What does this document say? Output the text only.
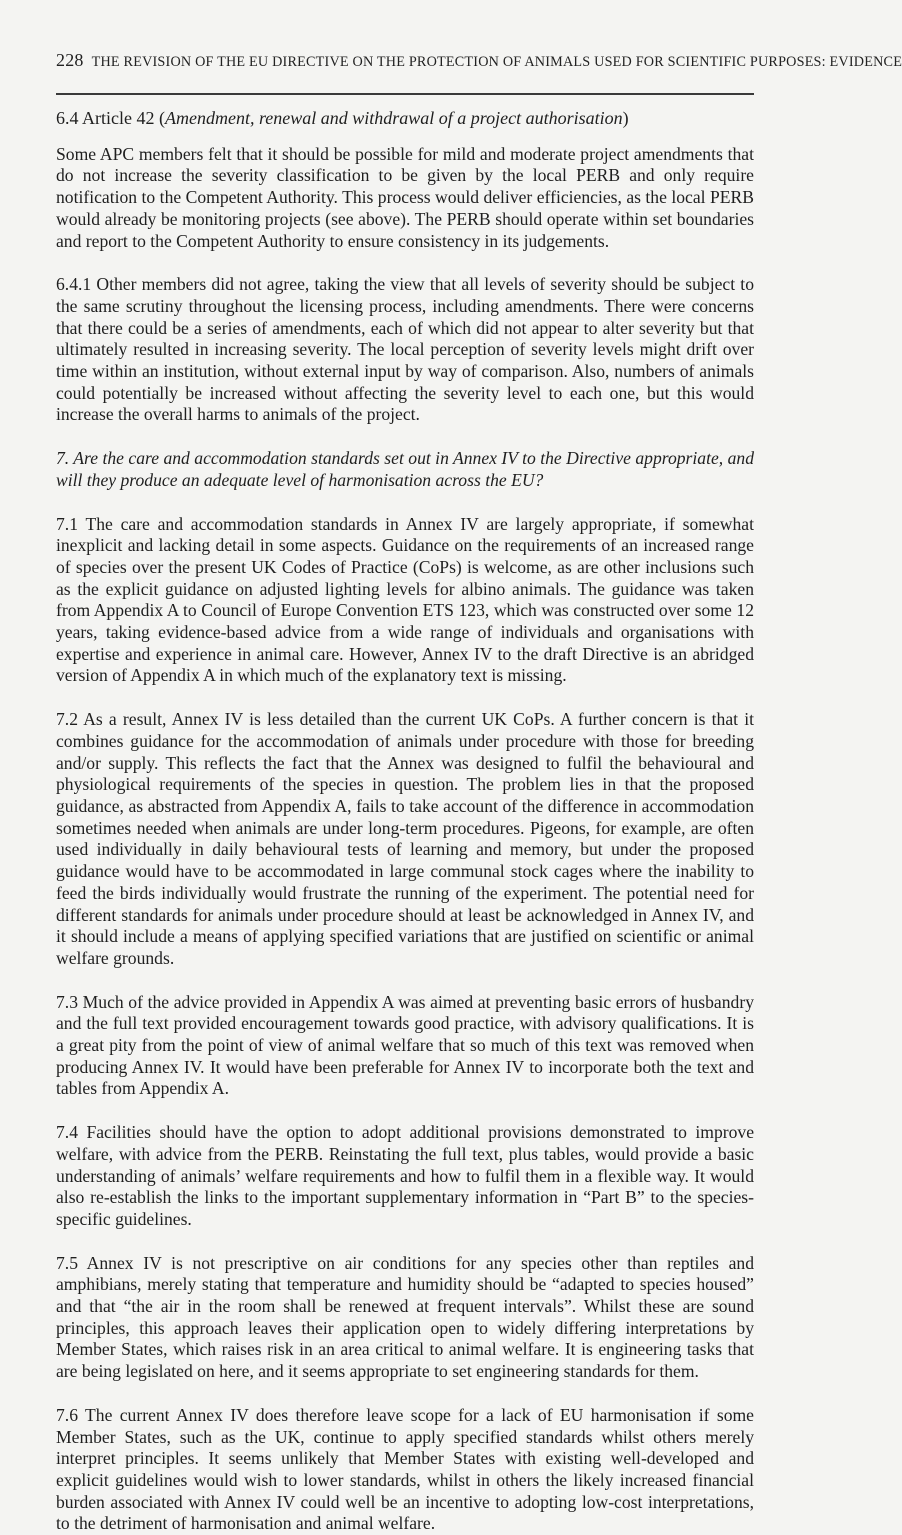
228 THE REVISION OF THE EU DIRECTIVE ON THE PROTECTION OF ANIMALS USED FOR SCIENTIFIC PURPOSES: EVIDENCE
6.4 Article 42 (Amendment, renewal and withdrawal of a project authorisation)

Some APC members felt that it should be possible for mild and moderate project amendments that do not increase the severity classification to be given by the local PERB and only require notification to the Competent Authority. This process would deliver efficiencies, as the local PERB would already be monitoring projects (see above). The PERB should operate within set boundaries and report to the Competent Authority to ensure consistency in its judgements.

6.4.1 Other members did not agree, taking the view that all levels of severity should be subject to the same scrutiny throughout the licensing process, including amendments. There were concerns that there could be a series of amendments, each of which did not appear to alter severity but that ultimately resulted in increasing severity. The local perception of severity levels might drift over time within an institution, without external input by way of comparison. Also, numbers of animals could potentially be increased without affecting the severity level to each one, but this would increase the overall harms to animals of the project.

7. Are the care and accommodation standards set out in Annex IV to the Directive appropriate, and will they produce an adequate level of harmonisation across the EU?

7.1 The care and accommodation standards in Annex IV are largely appropriate, if somewhat inexplicit and lacking detail in some aspects. Guidance on the requirements of an increased range of species over the present UK Codes of Practice (CoPs) is welcome, as are other inclusions such as the explicit guidance on adjusted lighting levels for albino animals. The guidance was taken from Appendix A to Council of Europe Convention ETS 123, which was constructed over some 12 years, taking evidence-based advice from a wide range of individuals and organisations with expertise and experience in animal care. However, Annex IV to the draft Directive is an abridged version of Appendix A in which much of the explanatory text is missing.

7.2 As a result, Annex IV is less detailed than the current UK CoPs. A further concern is that it combines guidance for the accommodation of animals under procedure with those for breeding and/or supply. This reflects the fact that the Annex was designed to fulfil the behavioural and physiological requirements of the species in question. The problem lies in that the proposed guidance, as abstracted from Appendix A, fails to take account of the difference in accommodation sometimes needed when animals are under long-term procedures. Pigeons, for example, are often used individually in daily behavioural tests of learning and memory, but under the proposed guidance would have to be accommodated in large communal stock cages where the inability to feed the birds individually would frustrate the running of the experiment. The potential need for different standards for animals under procedure should at least be acknowledged in Annex IV, and it should include a means of applying specified variations that are justified on scientific or animal welfare grounds.

7.3 Much of the advice provided in Appendix A was aimed at preventing basic errors of husbandry and the full text provided encouragement towards good practice, with advisory qualifications. It is a great pity from the point of view of animal welfare that so much of this text was removed when producing Annex IV. It would have been preferable for Annex IV to incorporate both the text and tables from Appendix A.

7.4 Facilities should have the option to adopt additional provisions demonstrated to improve welfare, with advice from the PERB. Reinstating the full text, plus tables, would provide a basic understanding of animals’ welfare requirements and how to fulfil them in a flexible way. It would also re-establish the links to the important supplementary information in “Part B” to the species-specific guidelines.

7.5 Annex IV is not prescriptive on air conditions for any species other than reptiles and amphibians, merely stating that temperature and humidity should be “adapted to species housed” and that “the air in the room shall be renewed at frequent intervals”. Whilst these are sound principles, this approach leaves their application open to widely differing interpretations by Member States, which raises risk in an area critical to animal welfare. It is engineering tasks that are being legislated on here, and it seems appropriate to set engineering standards for them.

7.6 The current Annex IV does therefore leave scope for a lack of EU harmonisation if some Member States, such as the UK, continue to apply specified standards whilst others merely interpret principles. It seems unlikely that Member States with existing well-developed and explicit guidelines would wish to lower standards, whilst in others the likely increased financial burden associated with Annex IV could well be an incentive to adopting low-cost interpretations, to the detriment of harmonisation and animal welfare.
